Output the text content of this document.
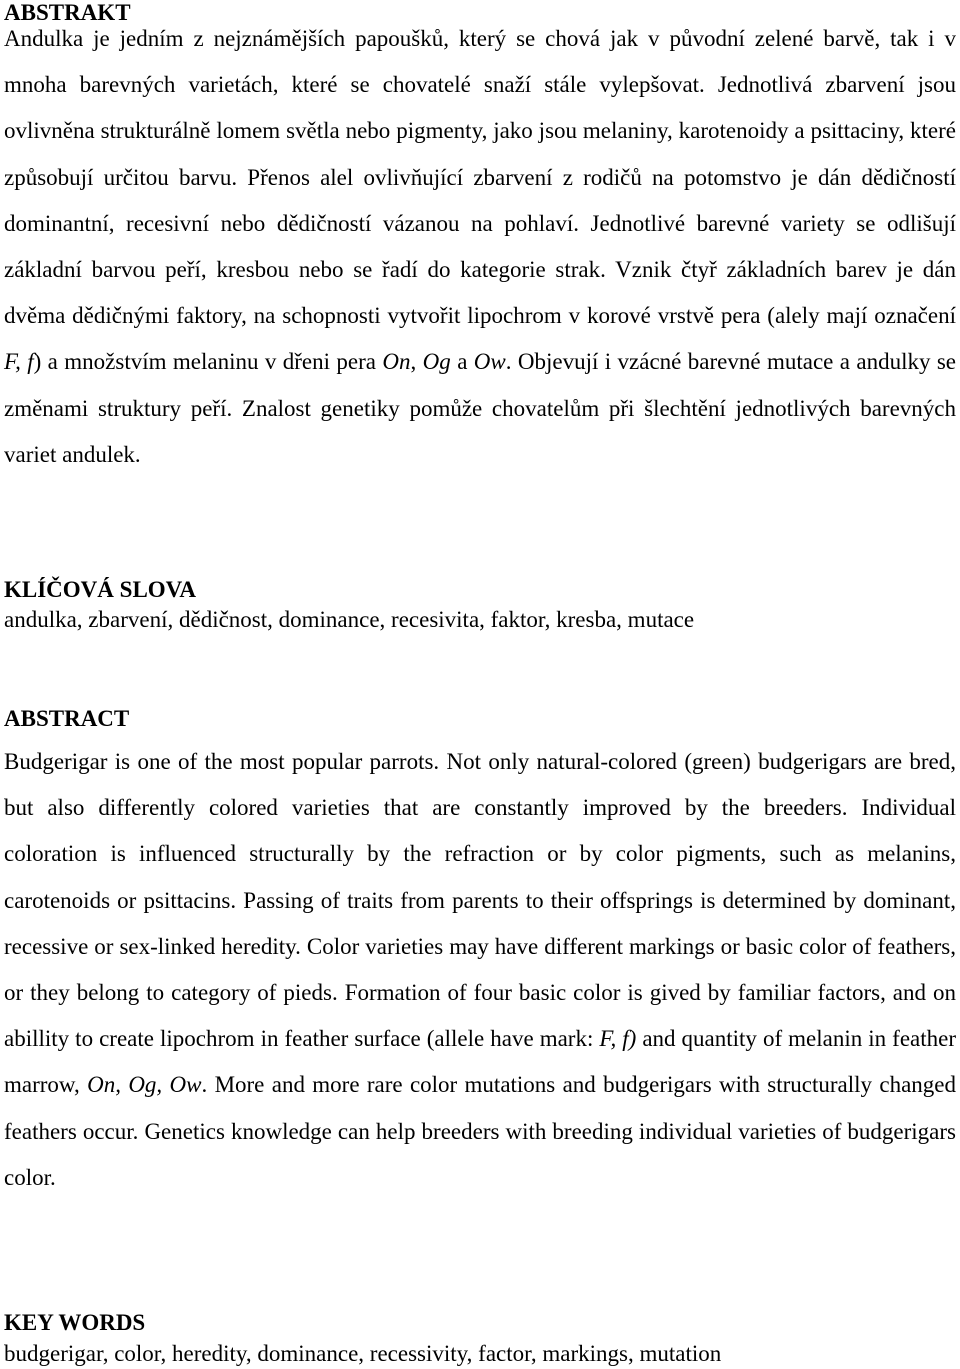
ABSTRAKT

Andulka je jedním z nejznámějších papoušků, který se chová jak v původní zelené barvě, tak i v mnoha barevných varietách, které se chovatelé snaží stále vylepšovat. Jednotlivá zbarvení jsou ovlivněna strukturálně lomem světla nebo pigmenty, jako jsou melaniny, karotenoidy a psittaciny, které způsobují určitou barvu. Přenos alel ovlivňující zbarvení z rodičů na potomstvo je dán dědičností dominantní, recesivní nebo dědičností vázanou na pohlaví. Jednotlivé barevné variety se odlišují základní barvou peří, kresbou nebo se řadí do kategorie strak. Vznik čtyř základních barev je dán dvěma dědičnými faktory, na schopnosti vytvořit lipochrom v korové vrstvě pera (alely mají označení F, f) a množstvím melaninu v dřeni pera On, Og a Ow. Objevují i vzácné barevné mutace a andulky se změnami struktury peří. Znalost genetiky pomůže chovatelům při šlechtění jednotlivých barevných variet andulek.

KLÍČOVÁ SLOVA

andulka, zbarvení, dědičnost, dominance, recesivita, faktor, kresba, mutace

ABSTRACT

Budgerigar is one of the most popular parrots. Not only natural-colored (green) budgerigars are bred, but also differently colored varieties that are constantly improved by the breeders. Individual coloration is influenced structurally by the refraction or by color pigments, such as melanins, carotenoids or psittacins. Passing of traits from parents to their offsprings is determined by dominant, recessive or sex-linked heredity. Color varieties may have different markings or basic color of feathers, or they belong to category of pieds. Formation of four basic color is gived by familiar factors, and on abillity to create lipochrom in feather surface (allele have mark: F, f) and quantity of melanin in feather marrow, On, Og, Ow. More and more rare color mutations and budgerigars with structurally changed feathers occur. Genetics knowledge can help breeders with breeding individual varieties of budgerigars color.

KEY WORDS

budgerigar, color, heredity, dominance, recessivity, factor, markings, mutation
